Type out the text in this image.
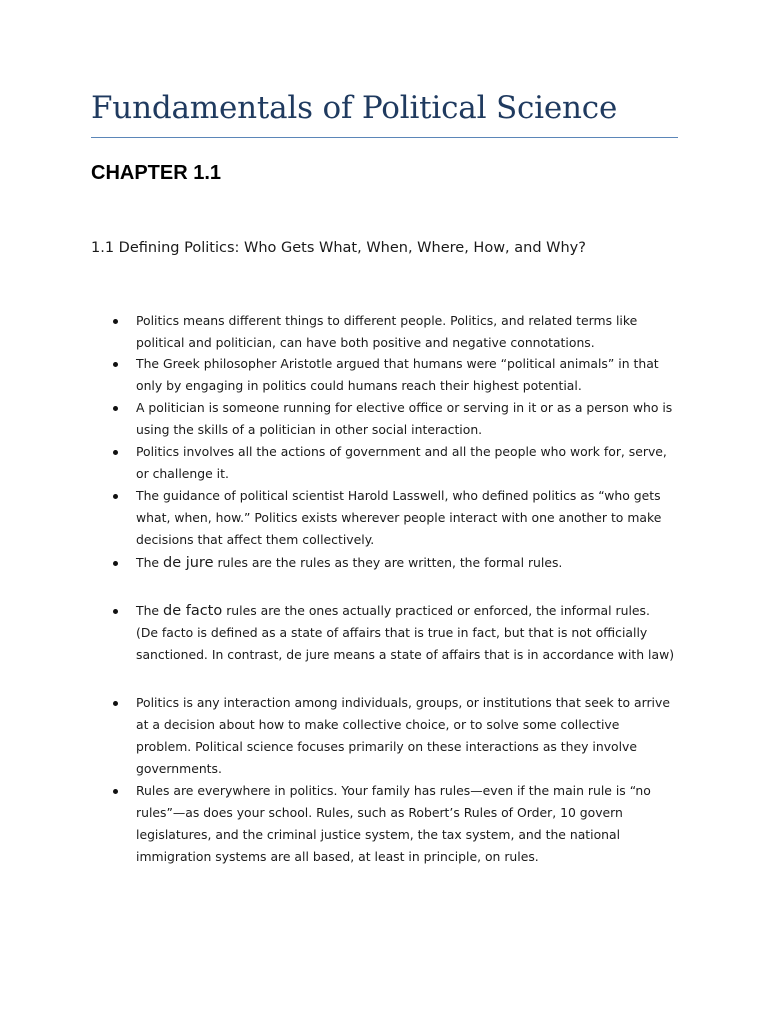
Fundamentals of Political Science
CHAPTER 1.1
1.1 Defining Politics: Who Gets What, When, Where, How, and Why?
Politics means different things to different people. Politics, and related terms like political and politician, can have both positive and negative connotations.
The Greek philosopher Aristotle argued that humans were “political animals” in that only by engaging in politics could humans reach their highest potential.
A politician is someone running for elective office or serving in it or as a person who is using the skills of a politician in other social interaction.
Politics involves all the actions of government and all the people who work for, serve, or challenge it.
The guidance of political scientist Harold Lasswell, who defined politics as “who gets what, when, how.” Politics exists wherever people interact with one another to make decisions that affect them collectively.
The de jure rules are the rules as they are written, the formal rules.
The de facto rules are the ones actually practiced or enforced, the informal rules.
(De facto is defined as a state of affairs that is true in fact, but that is not officially sanctioned. In contrast, de jure means a state of affairs that is in accordance with law)
Politics is any interaction among individuals, groups, or institutions that seek to arrive at a decision about how to make collective choice, or to solve some collective problem. Political science focuses primarily on these interactions as they involve governments.
Rules are everywhere in politics. Your family has rules—even if the main rule is “no rules”—as does your school. Rules, such as Robert’s Rules of Order, 10 govern legislatures, and the criminal justice system, the tax system, and the national immigration systems are all based, at least in principle, on rules.
